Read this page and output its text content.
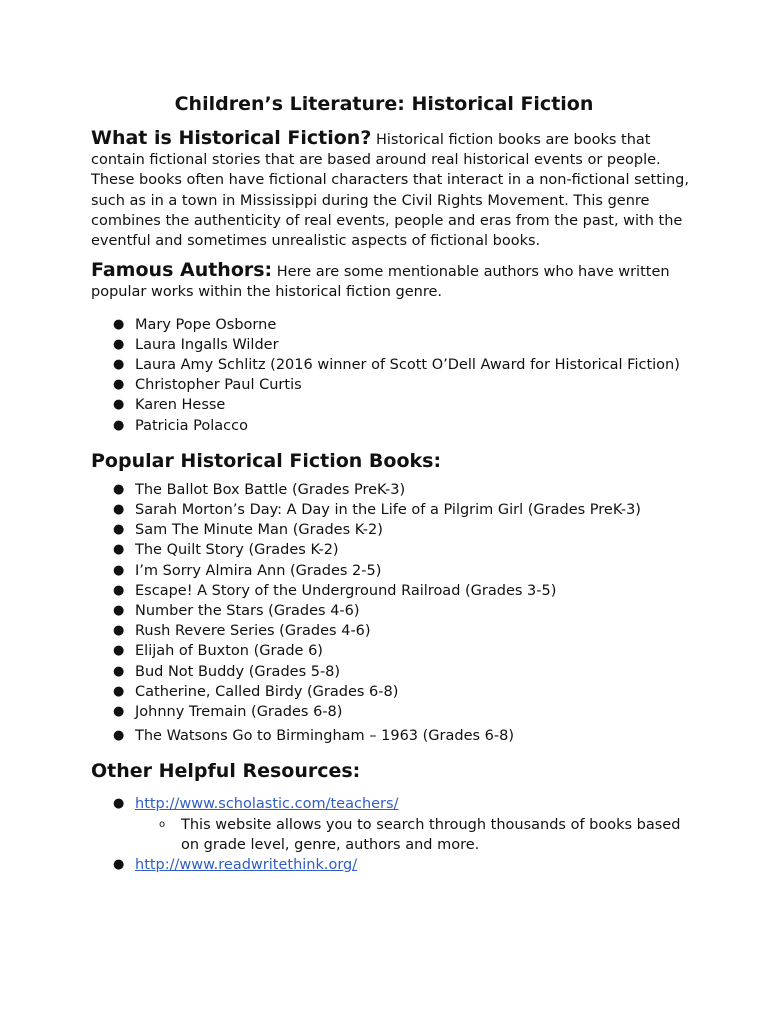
Children’s Literature: Historical Fiction

What is Historical Fiction? Historical fiction books are books that contain fictional stories that are based around real historical events or people. These books often have fictional characters that interact in a non-fictional setting, such as in a town in Mississippi during the Civil Rights Movement. This genre combines the authenticity of real events, people and eras from the past, with the eventful and sometimes unrealistic aspects of fictional books.

Famous Authors: Here are some mentionable authors who have written popular works within the historical fiction genre.

● Mary Pope Osborne
● Laura Ingalls Wilder
● Laura Amy Schlitz (2016 winner of Scott O’Dell Award for Historical Fiction)
● Christopher Paul Curtis
● Karen Hesse
● Patricia Polacco
Popular Historical Fiction Books:
● The Ballot Box Battle (Grades PreK-3)
● Sarah Morton’s Day: A Day in the Life of a Pilgrim Girl (Grades PreK-3)
● Sam The Minute Man (Grades K-2)
● The Quilt Story (Grades K-2)
● I’m Sorry Almira Ann (Grades 2-5)
● Escape! A Story of the Underground Railroad (Grades 3-5)
● Number the Stars (Grades 4-6)
● Rush Revere Series (Grades 4-6)
● Elijah of Buxton (Grade 6)
● Bud Not Buddy (Grades 5-8)
● Catherine, Called Birdy (Grades 6-8)
● Johnny Tremain (Grades 6-8)
● The Watsons Go to Birmingham – 1963 (Grades 6-8)
Other Helpful Resources:
● http://www.scholastic.com/teachers/
o This website allows you to search through thousands of books based on grade level, genre, authors and more.
● http://www.readwritethink.org/
